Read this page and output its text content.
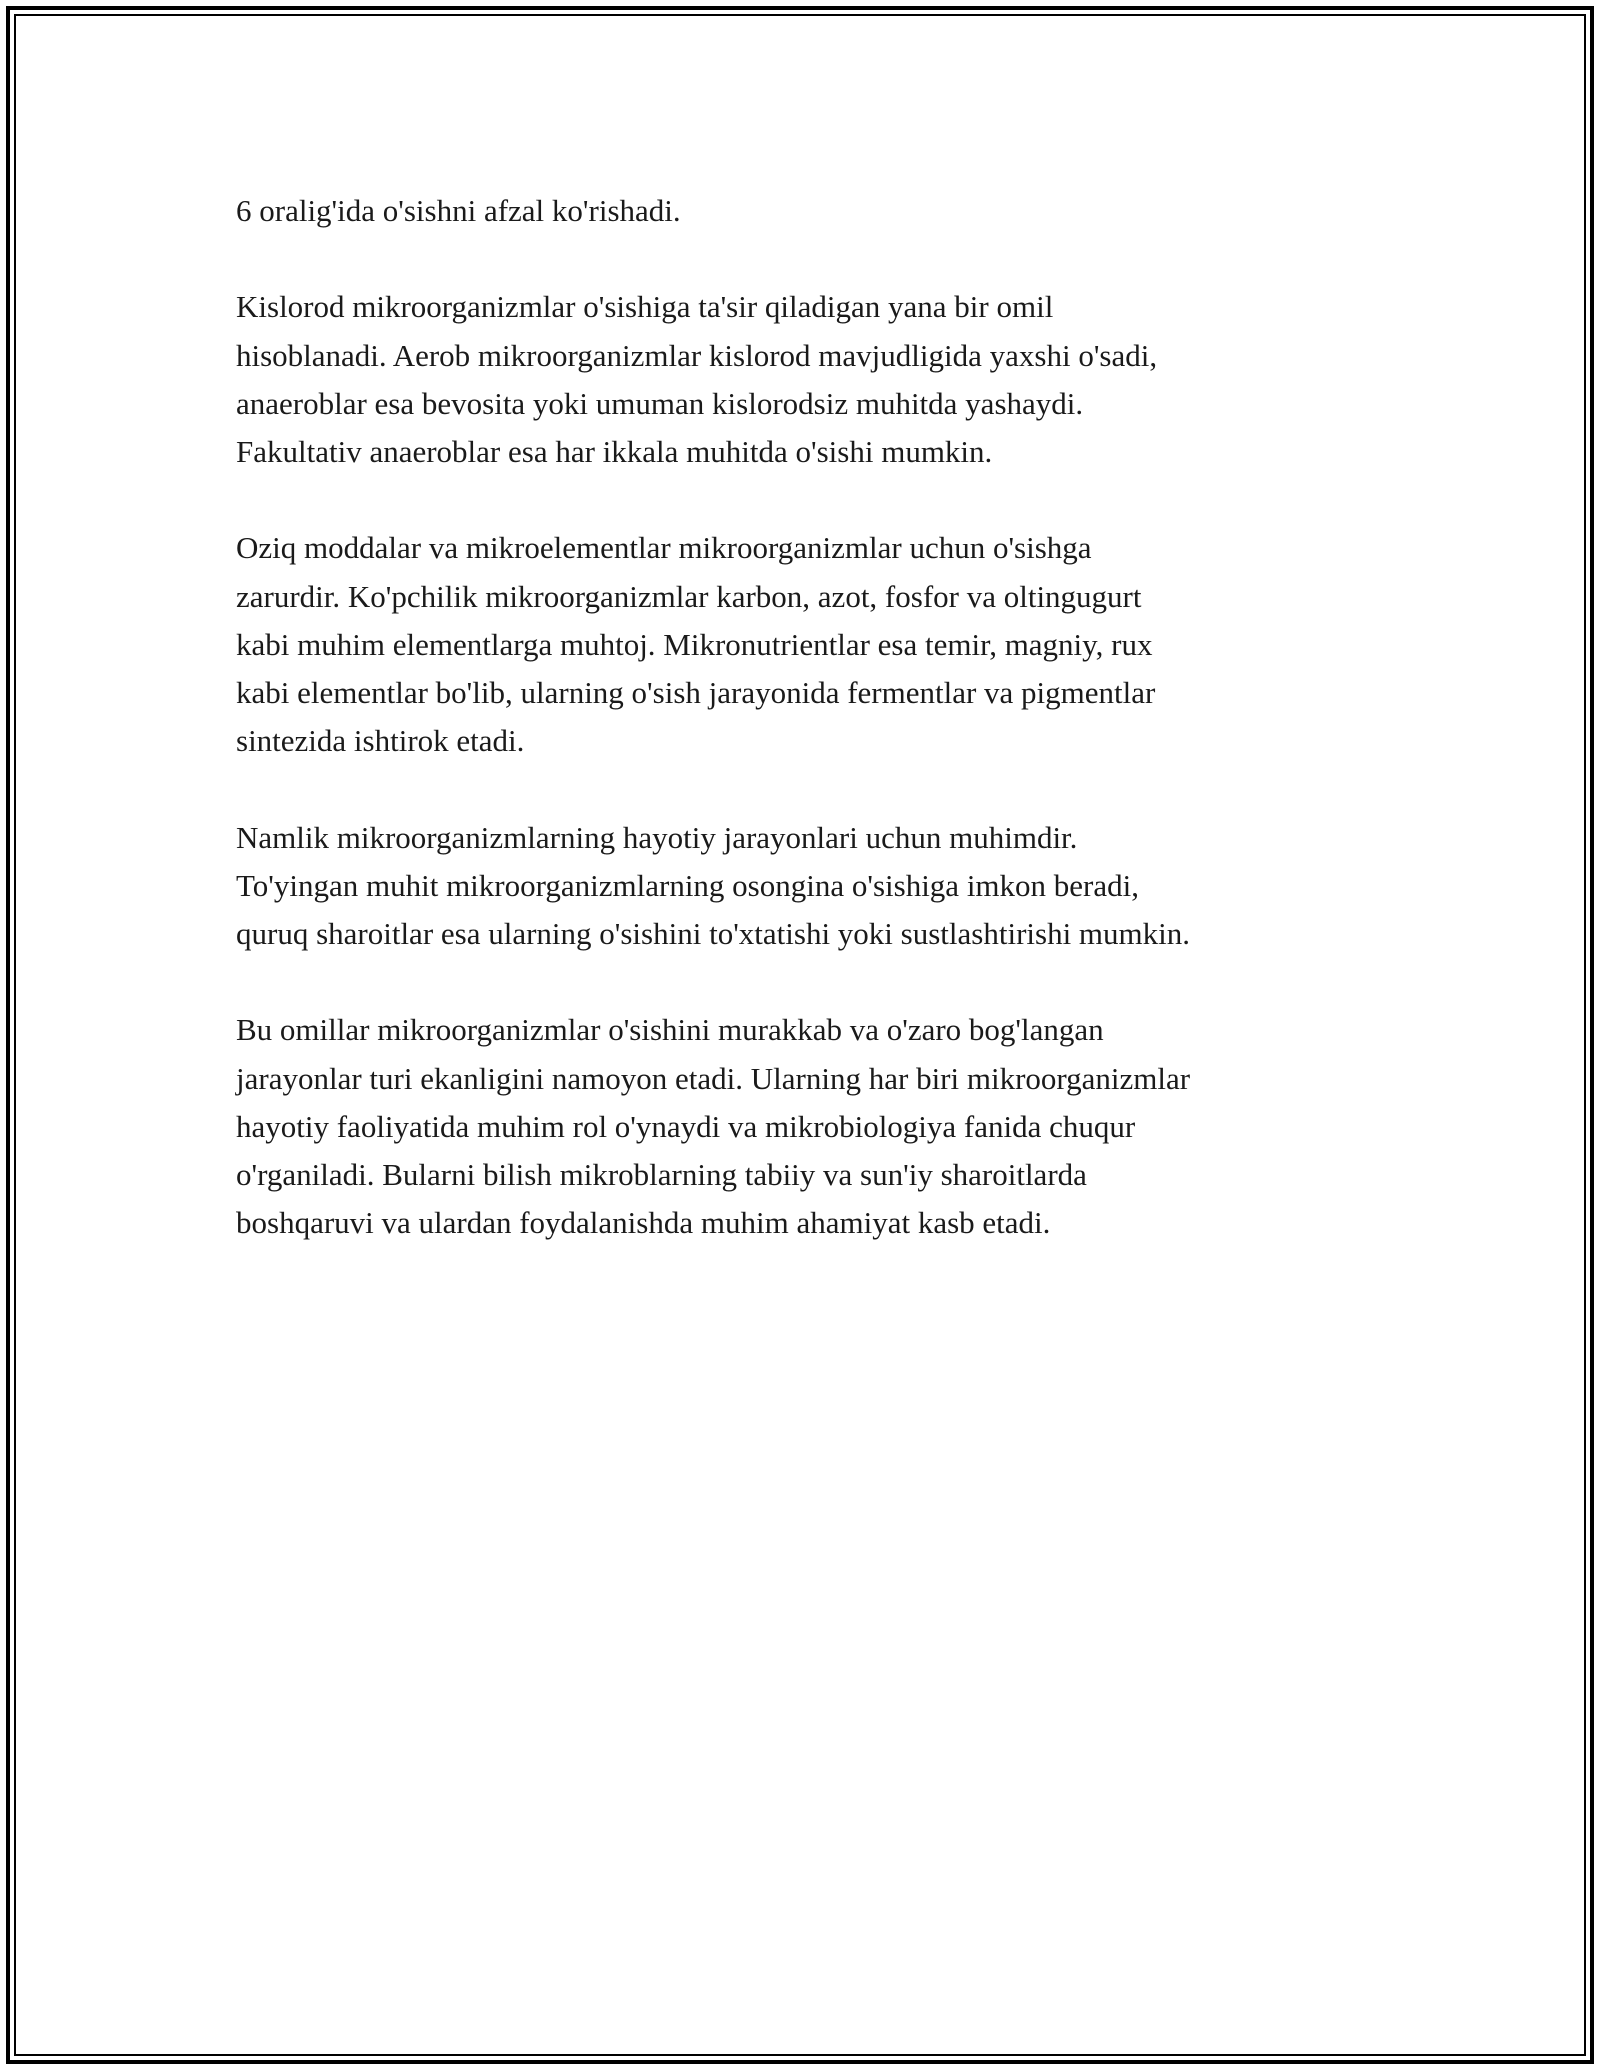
6 oralig'ida o'sishni afzal ko'rishadi.

Kislorod mikroorganizmlar o'sishiga ta'sir qiladigan yana bir omil
hisoblanadi. Aerob mikroorganizmlar kislorod mavjudligida yaxshi o'sadi,
anaeroblar esa bevosita yoki umuman kislorodsiz muhitda yashaydi.
Fakultativ anaeroblar esa har ikkala muhitda o'sishi mumkin.

Oziq moddalar va mikroelementlar mikroorganizmlar uchun o'sishga
zarurdir. Ko'pchilik mikroorganizmlar karbon, azot, fosfor va oltingugurt
kabi muhim elementlarga muhtoj. Mikronutrientlar esa temir, magniy, rux
kabi elementlar bo'lib, ularning o'sish jarayonida fermentlar va pigmentlar
sintezida ishtirok etadi.

Namlik mikroorganizmlarning hayotiy jarayonlari uchun muhimdir.
To'yingan muhit mikroorganizmlarning osongina o'sishiga imkon beradi,
quruq sharoitlar esa ularning o'sishini to'xtatishi yoki sustlashtirishi mumkin.

Bu omillar mikroorganizmlar o'sishini murakkab va o'zaro bog'langan
jarayonlar turi ekanligini namoyon etadi. Ularning har biri mikroorganizmlar
hayotiy faoliyatida muhim rol o'ynaydi va mikrobiologiya fanida chuqur
o'rganiladi. Bularni bilish mikroblarning tabiiy va sun'iy sharoitlarda
boshqaruvi va ulardan foydalanishda muhim ahamiyat kasb etadi.
